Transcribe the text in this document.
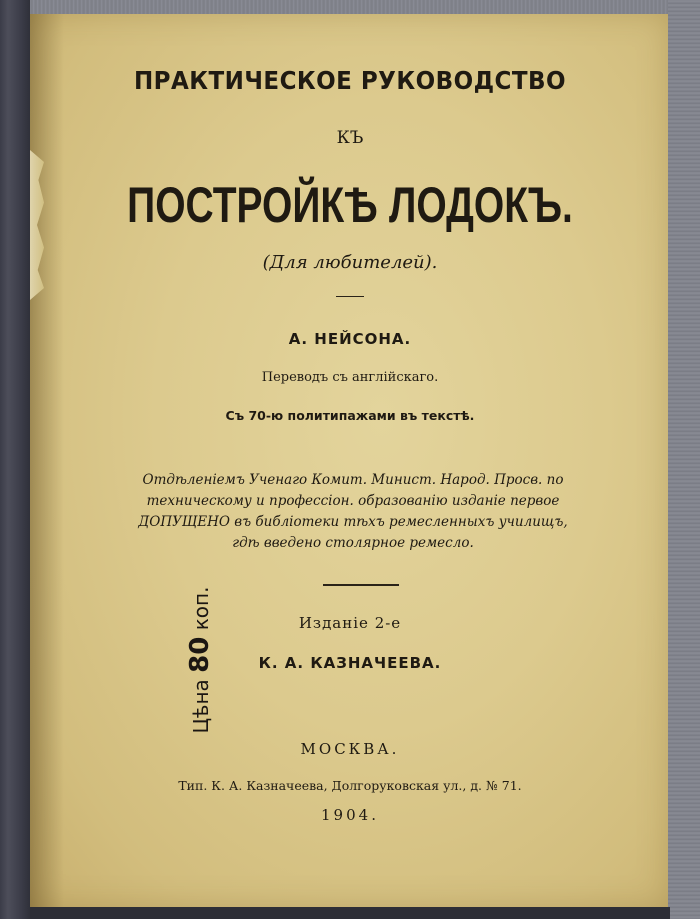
ПРАКТИЧЕСКОЕ РУКОВОДСТВО
КЪ
ПОСТРОЙКѢ ЛОДОКЪ.
(Для любителей).
А. НЕЙСОНА.
Переводъ съ англійскаго.
Съ 70-ю политипажами въ текстѣ.
Отдѣленіемъ Ученаго Комит. Минист. Народ. Просв. по техническому и профессіон. образованію изданіе первое ДОПУЩЕНО въ библіотеки тѣхъ ремесленныхъ училищъ, гдѣ введено столярное ремесло.
Изданіе 2-е
К. А. КАЗНАЧЕЕВА.
МОСКВА.
Тип. К. А. Казначеева, Долгоруковская ул., д. № 71.
1904.
Цѣна 80 коп.
